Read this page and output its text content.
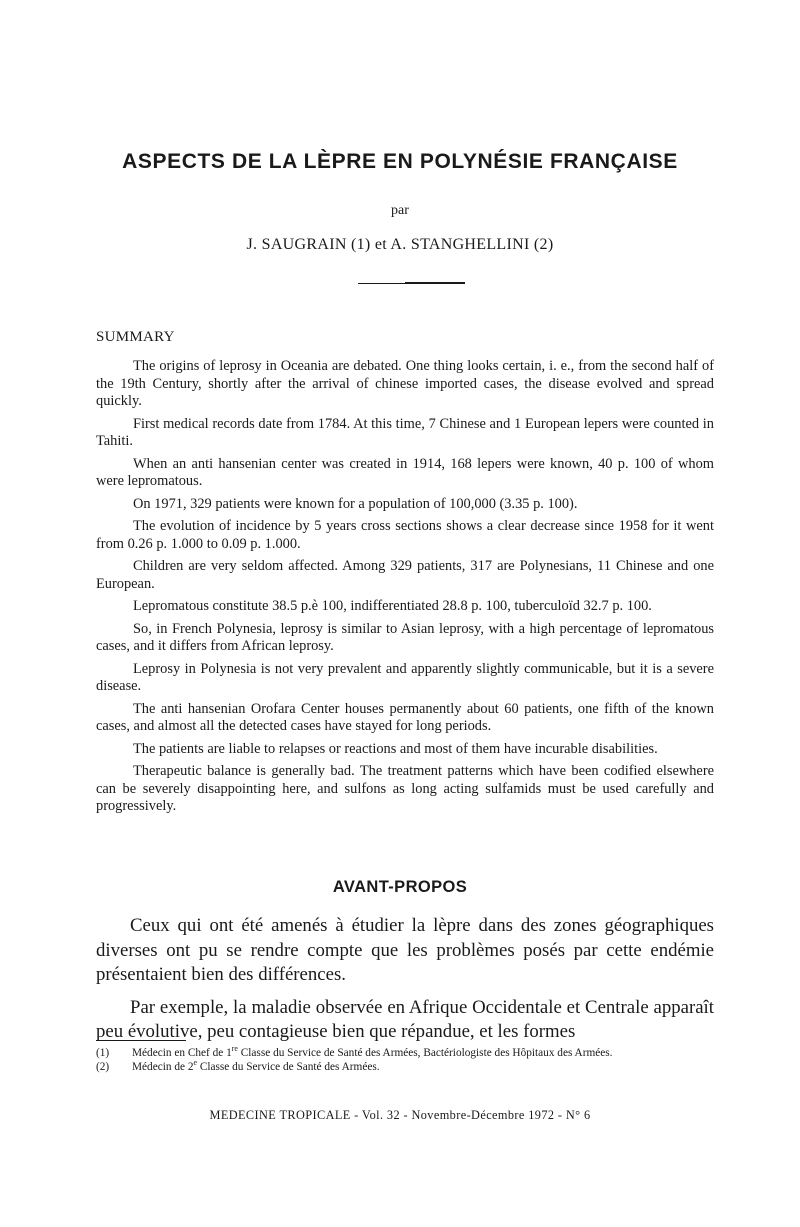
ASPECTS DE LA LÈPRE EN POLYNÉSIE FRANÇAISE
par
J. SAUGRAIN (1) et A. STANGHELLINI (2)
SUMMARY

The origins of leprosy in Oceania are debated. One thing looks certain, i. e., from the second half of the 19th Century, shortly after the arrival of chinese imported cases, the disease evolved and spread quickly.

First medical records date from 1784. At this time, 7 Chinese and 1 European lepers were counted in Tahiti.

When an anti hansenian center was created in 1914, 168 lepers were known, 40 p. 100 of whom were lepromatous.

On 1971, 329 patients were known for a population of 100,000 (3.35 p. 100).

The evolution of incidence by 5 years cross sections shows a clear decrease since 1958 for it went from 0.26 p. 1.000 to 0.09 p. 1.000.

Children are very seldom affected. Among 329 patients, 317 are Polynesians, 11 Chinese and one European.

Lepromatous constitute 38.5 p.è 100, indifferentiated 28.8 p. 100, tuberculoïd 32.7 p. 100.

So, in French Polynesia, leprosy is similar to Asian leprosy, with a high percentage of lepromatous cases, and it differs from African leprosy.

Leprosy in Polynesia is not very prevalent and apparently slightly communicable, but it is a severe disease.

The anti hansenian Orofara Center houses permanently about 60 patients, one fifth of the known cases, and almost all the detected cases have stayed for long periods.

The patients are liable to relapses or reactions and most of them have incurable disabilities.

Therapeutic balance is generally bad. The treatment patterns which have been codified elsewhere can be severely disappointing here, and sulfons as long acting sulfamids must be used carefully and progressively.

AVANT-PROPOS

Ceux qui ont été amenés à étudier la lèpre dans des zones géographiques diverses ont pu se rendre compte que les problèmes posés par cette endémie présentaient bien des différences.

Par exemple, la maladie observée en Afrique Occidentale et Centrale apparaît peu évolutive, peu contagieuse bien que répandue, et les formes

(1)	Médecin en Chef de 1re Classe du Service de Santé des Armées, Bactériologiste des Hôpitaux des Armées.
(2)	Médecin de 2e Classe du Service de Santé des Armées.
MEDECINE TROPICALE - Vol. 32 - Novembre-Décembre 1972 - N° 6
